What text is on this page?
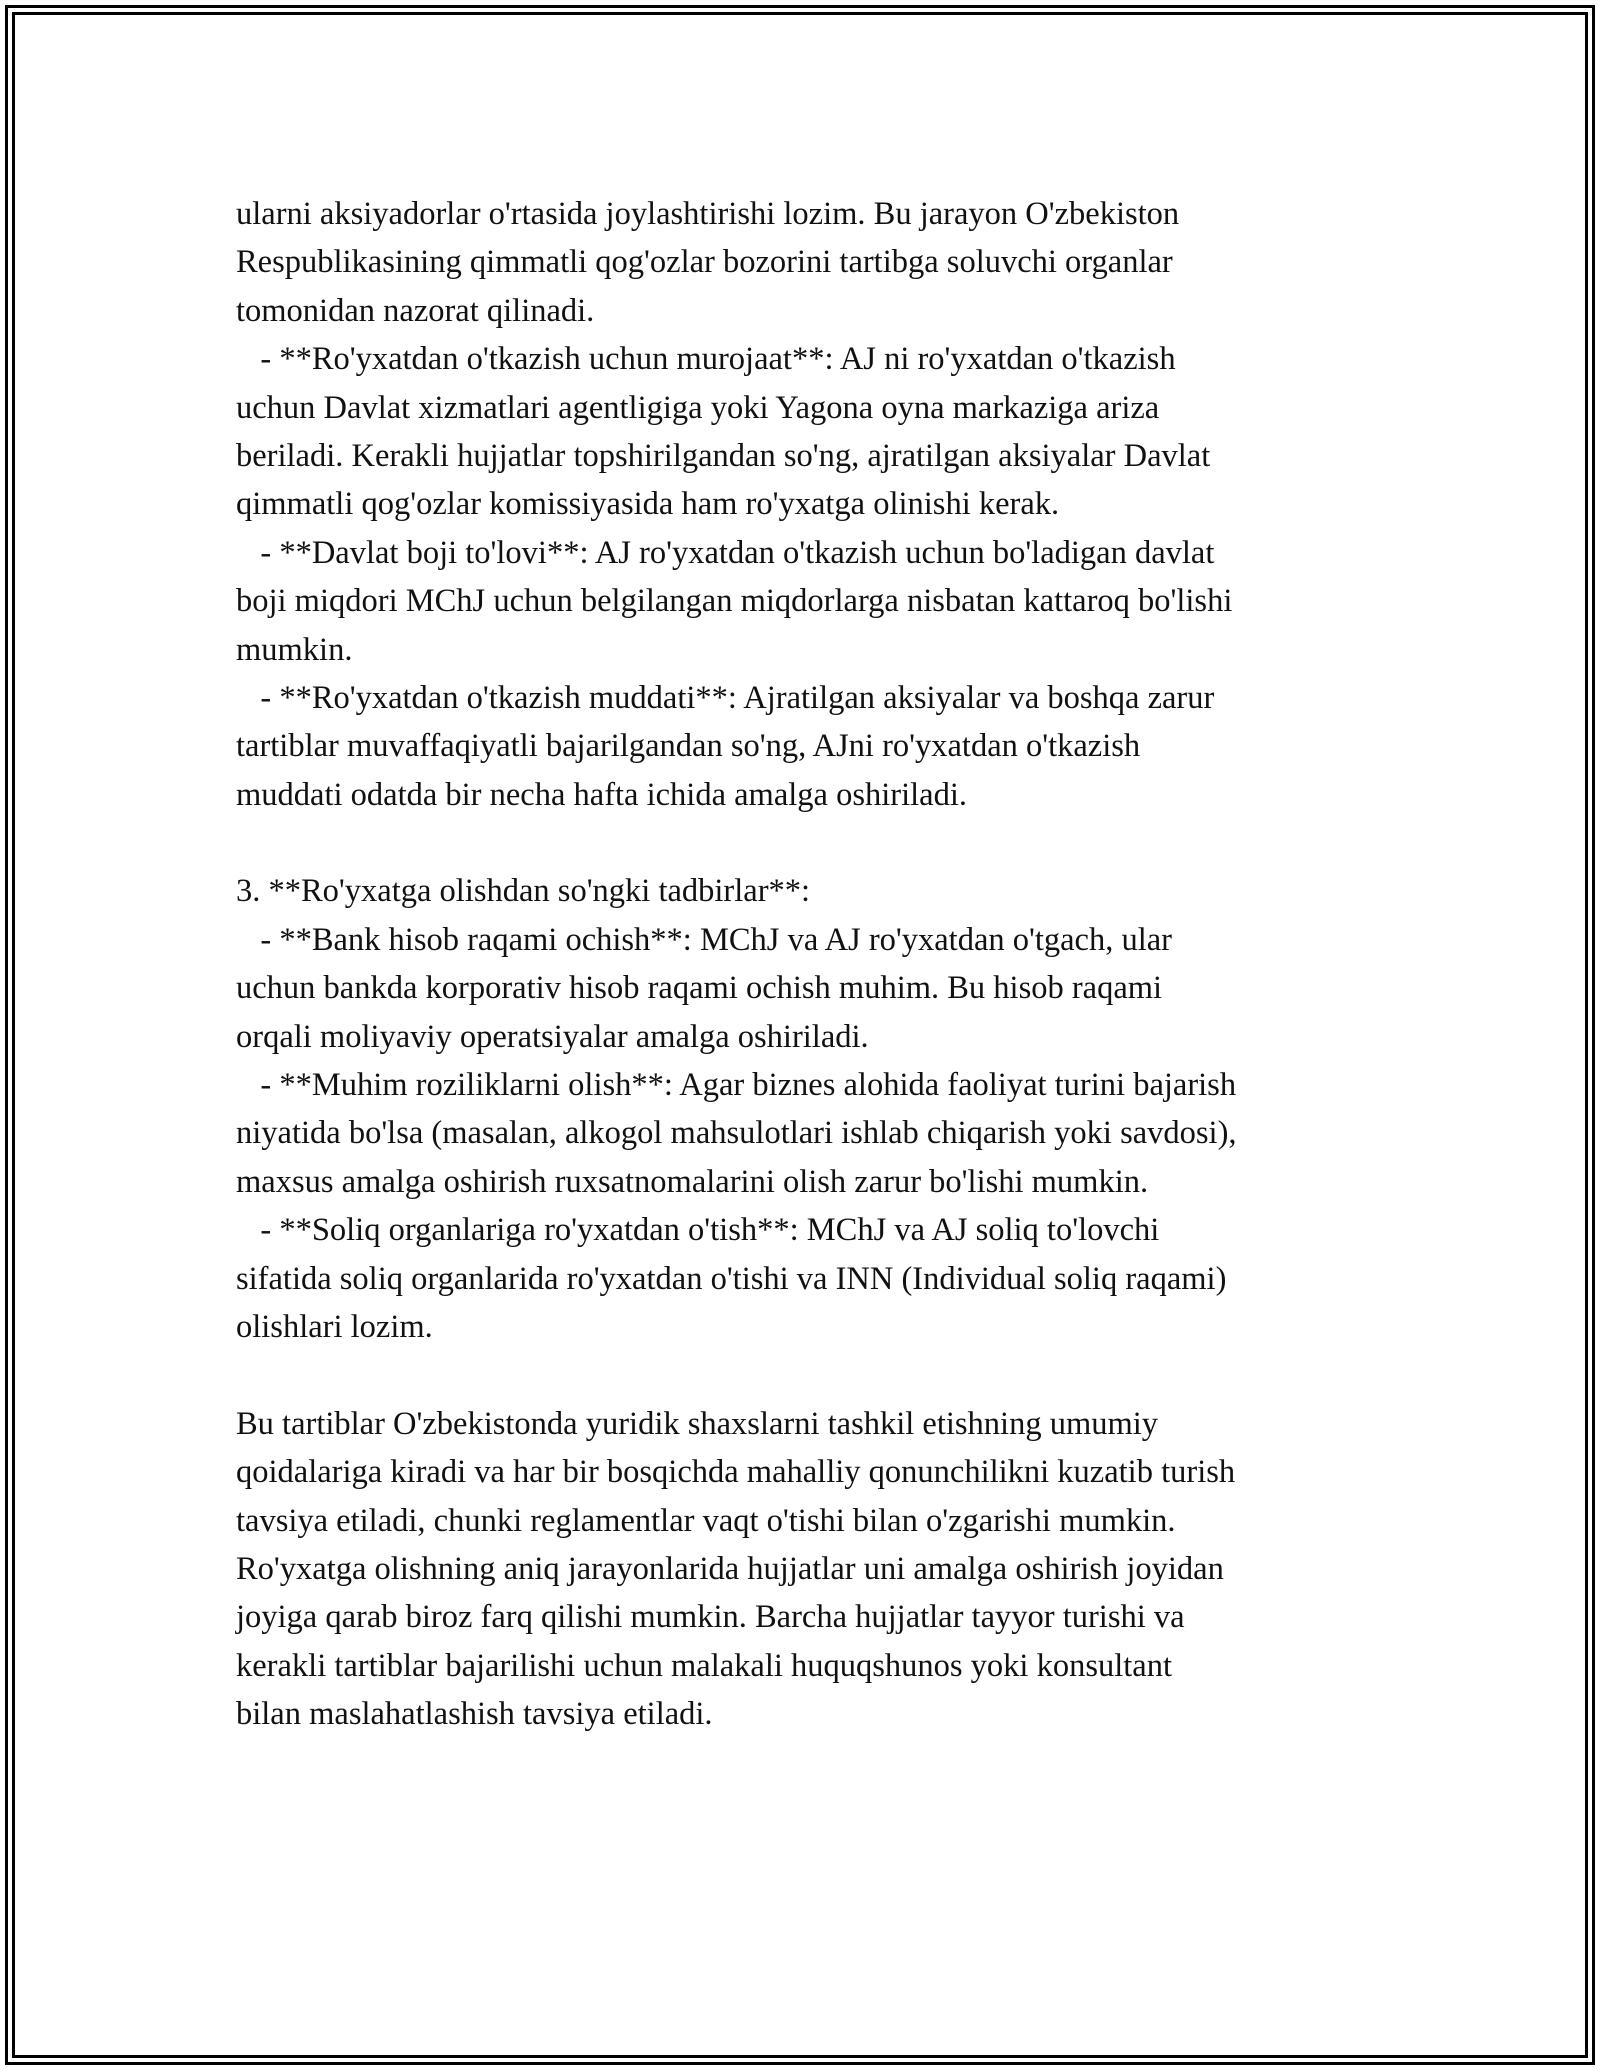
ularni aksiyadorlar o'rtasida joylashtirishi lozim. Bu jarayon O'zbekiston
Respublikasining qimmatli qog'ozlar bozorini tartibga soluvchi organlar
tomonidan nazorat qilinadi.
- **Ro'yxatdan o'tkazish uchun murojaat**: AJ ni ro'yxatdan o'tkazish
uchun Davlat xizmatlari agentligiga yoki Yagona oyna markaziga ariza
beriladi. Kerakli hujjatlar topshirilgandan so'ng, ajratilgan aksiyalar Davlat
qimmatli qog'ozlar komissiyasida ham ro'yxatga olinishi kerak.
- **Davlat boji to'lovi**: AJ ro'yxatdan o'tkazish uchun bo'ladigan davlat
boji miqdori MChJ uchun belgilangan miqdorlarga nisbatan kattaroq bo'lishi
mumkin.
- **Ro'yxatdan o'tkazish muddati**: Ajratilgan aksiyalar va boshqa zarur
tartiblar muvaffaqiyatli bajarilgandan so'ng, AJni ro'yxatdan o'tkazish
muddati odatda bir necha hafta ichida amalga oshiriladi.
3. **Ro'yxatga olishdan so'ngki tadbirlar**:
- **Bank hisob raqami ochish**: MChJ va AJ ro'yxatdan o'tgach, ular
uchun bankda korporativ hisob raqami ochish muhim. Bu hisob raqami
orqali moliyaviy operatsiyalar amalga oshiriladi.
- **Muhim roziliklarni olish**: Agar biznes alohida faoliyat turini bajarish
niyatida bo'lsa (masalan, alkogol mahsulotlari ishlab chiqarish yoki savdosi),
maxsus amalga oshirish ruxsatnomalarini olish zarur bo'lishi mumkin.
- **Soliq organlariga ro'yxatdan o'tish**: MChJ va AJ soliq to'lovchi
sifatida soliq organlarida ro'yxatdan o'tishi va INN (Individual soliq raqami)
olishlari lozim.
Bu tartiblar O'zbekistonda yuridik shaxslarni tashkil etishning umumiy
qoidalariga kiradi va har bir bosqichda mahalliy qonunchilikni kuzatib turish
tavsiya etiladi, chunki reglamentlar vaqt o'tishi bilan o'zgarishi mumkin.
Ro'yxatga olishning aniq jarayonlarida hujjatlar uni amalga oshirish joyidan
joyiga qarab biroz farq qilishi mumkin. Barcha hujjatlar tayyor turishi va
kerakli tartiblar bajarilishi uchun malakali huquqshunos yoki konsultant
bilan maslahatlashish tavsiya etiladi.
